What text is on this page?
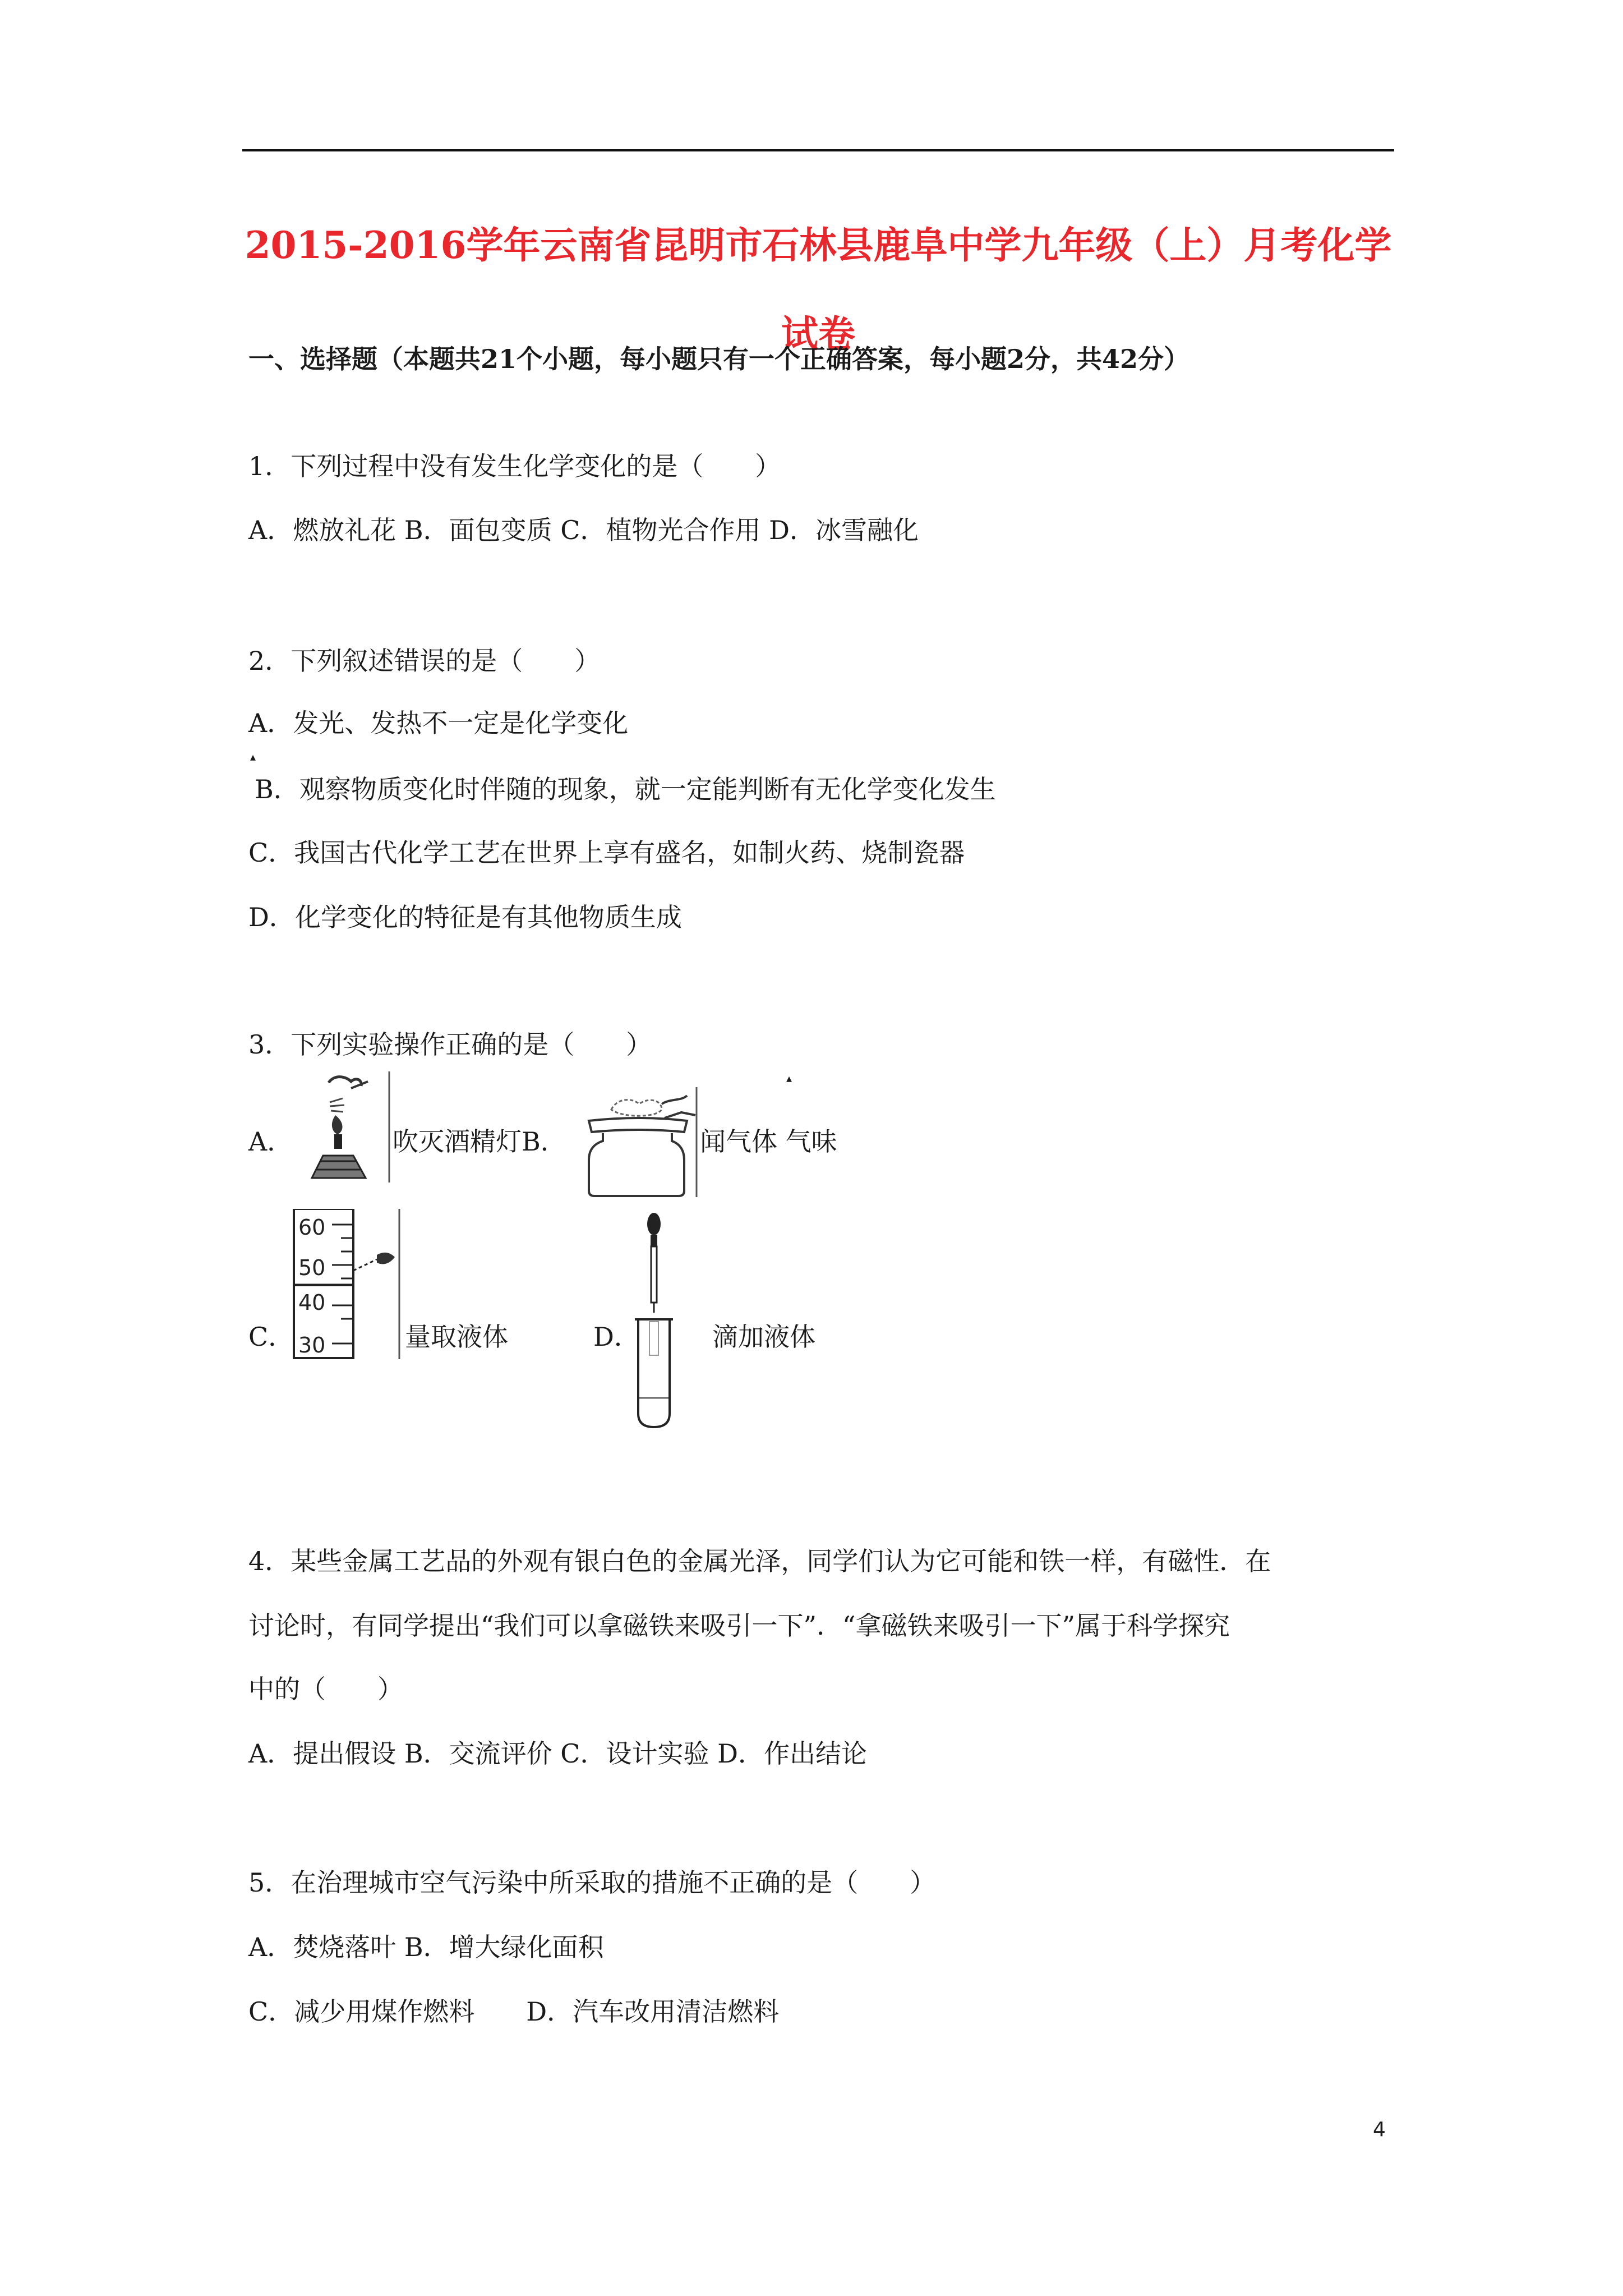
2015-2016学年云南省昆明市石林县鹿阜中学九年级（上）月考化学
试卷
一、选择题（本题共21个小题，每小题只有一个正确答案，每小题2分，共42分）
1．下列过程中没有发生化学变化的是（　　）
A．燃放礼花 B．面包变质 C．植物光合作用 D．冰雪融化
2．下列叙述错误的是（　　）
A．发光、发热不一定是化学变化
▴
B．观察物质变化时伴随的现象，就一定能判断有无化学变化发生
C．我国古代化学工艺在世界上享有盛名，如制火药、烧制瓷器
D．化学变化的特征是有其他物质生成
3．下列实验操作正确的是（　　）
▴
A．	吹灭酒精灯B．	闻气体 气味
C．
60
50
40
30	量取液体	D．	滴加液体
4．某些金属工艺品的外观有银白色的金属光泽，同学们认为它可能和铁一样，有磁性．在
讨论时，有同学提出“我们可以拿磁铁来吸引一下”．“拿磁铁来吸引一下”属于科学探究
中的（　　）
A．提出假设 B．交流评价 C．设计实验 D．作出结论
5．在治理城市空气污染中所采取的措施不正确的是（　　）
A．焚烧落叶 B．增大绿化面积
C．减少用煤作燃料　　D．汽车改用清洁燃料
4
